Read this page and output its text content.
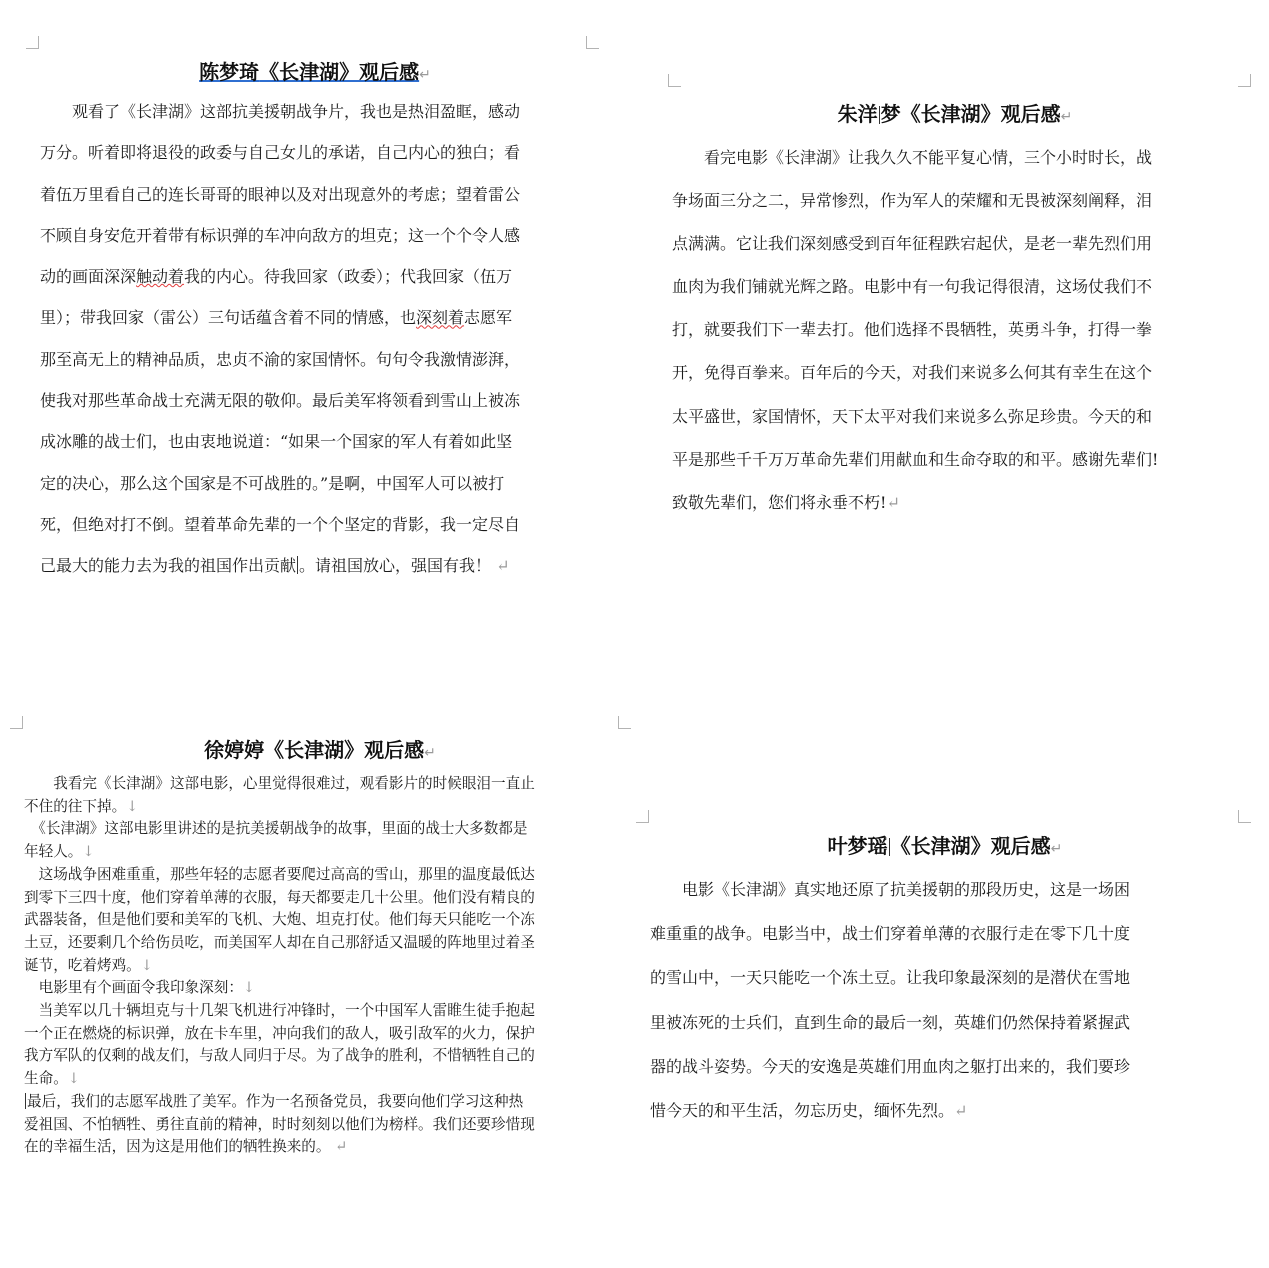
陈梦琦《长津湖》观后感↵

　　观看了《长津湖》这部抗美援朝战争片，我也是热泪盈眶，感动

万分。听着即将退役的政委与自己女儿的承诺，自己内心的独白；看

着伍万里看自己的连长哥哥的眼神以及对出现意外的考虑；望着雷公

不顾自身安危开着带有标识弹的车冲向敌方的坦克；这一个个令人感

动的画面深深触动着我的内心。待我回家（政委）；代我回家（伍万

里）；带我回家（雷公）三句话蕴含着不同的情感，也深刻着志愿军

那至高无上的精神品质，忠贞不渝的家国情怀。句句令我激情澎湃，

使我对那些革命战士充满无限的敬仰。最后美军将领看到雪山上被冻

成冰雕的战士们，也由衷地说道：“如果一个国家的军人有着如此坚

定的决心，那么这个国家是不可战胜的。”是啊，中国军人可以被打

死，但绝对打不倒。望着革命先辈的一个个坚定的背影，我一定尽自

己最大的能力去为我的祖国作出贡献 。请祖国放心，强国有我！ ↵

朱洋 梦《长津湖》观后感↵

　　看完电影《长津湖》让我久久不能平复心情，三个小时时长，战

争场面三分之二，异常惨烈，作为军人的荣耀和无畏被深刻阐释，泪

点满满。它让我们深刻感受到百年征程跌宕起伏，是老一辈先烈们用

血肉为我们铺就光辉之路。电影中有一句我记得很清，这场仗我们不

打，就要我们下一辈去打。他们选择不畏牺牲，英勇斗争，打得一拳

开，免得百拳来。百年后的今天，对我们来说多么何其有幸生在这个

太平盛世，家国情怀，天下太平对我们来说多么弥足珍贵。今天的和

平是那些千千万万革命先辈们用献血和生命夺取的和平。感谢先辈们!

致敬先辈们，您们将永垂不朽!↵

徐婷婷《长津湖》观后感↵

　　我看完《长津湖》这部电影，心里觉得很难过，观看影片的时候眼泪一直止

不住的往下掉。↓

　《长津湖》这部电影里讲述的是抗美援朝战争的故事，里面的战士大多数都是

年轻人。↓

　这场战争困难重重，那些年轻的志愿者要爬过高高的雪山，那里的温度最低达

到零下三四十度，他们穿着单薄的衣服，每天都要走几十公里。他们没有精良的

武器装备，但是他们要和美军的飞机、大炮、坦克打仗。他们每天只能吃一个冻

土豆，还要剩几个给伤员吃，而美国军人却在自己那舒适又温暖的阵地里过着圣

诞节，吃着烤鸡。↓

　电影里有个画面令我印象深刻：↓

　当美军以几十辆坦克与十几架飞机进行冲锋时，一个中国军人雷睢生徒手抱起

一个正在燃烧的标识弹，放在卡车里，冲向我们的敌人，吸引敌军的火力，保护

我方军队的仅剩的战友们，与敌人同归于尽。为了战争的胜利，不惜牺牲自己的

生命。↓

最后，我们的志愿军战胜了美军。作为一名预备党员，我要向他们学习这种热

爱祖国、不怕牺牲、勇往直前的精神，时时刻刻以他们为榜样。我们还要珍惜现

在的幸福生活，因为这是用他们的牺牲换来的。 ↵

叶梦瑶 《长津湖》观后感↵

　　电影《长津湖》真实地还原了抗美援朝的那段历史，这是一场困

难重重的战争。电影当中，战士们穿着单薄的衣服行走在零下几十度

的雪山中，一天只能吃一个冻土豆。让我印象最深刻的是潜伏在雪地

里被冻死的士兵们，直到生命的最后一刻，英雄们仍然保持着紧握武

器的战斗姿势。今天的安逸是英雄们用血肉之躯打出来的，我们要珍

惜今天的和平生活，勿忘历史，缅怀先烈。↵
